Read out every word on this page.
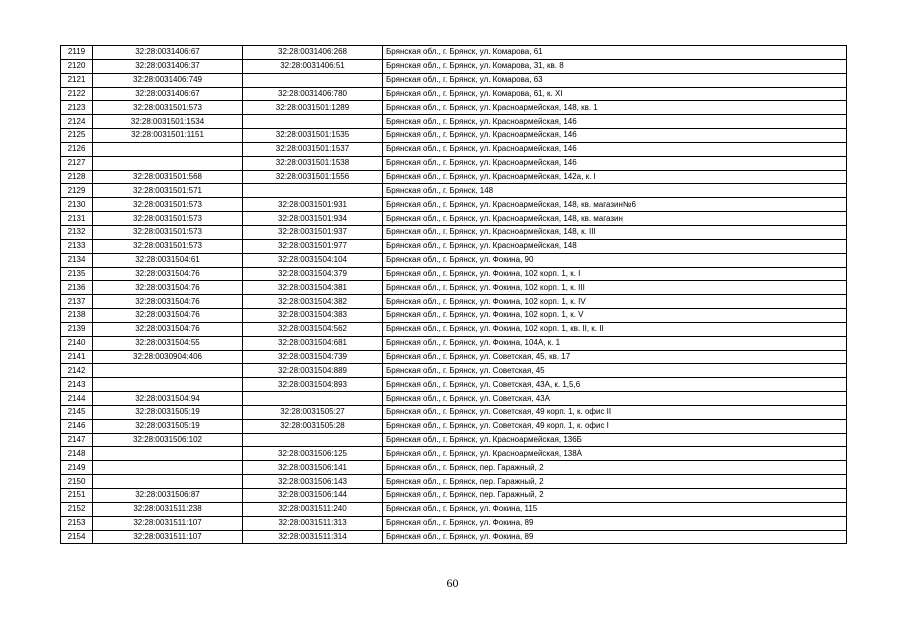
2119	32:28:0031406:67	32:28:0031406:268	Брянская обл., г. Брянск, ул. Комарова, 61
2120	32:28:0031406:37	32:28:0031406:51	Брянская обл., г. Брянск, ул. Комарова, 31, кв. 8
2121	32:28:0031406:749		Брянская обл., г. Брянск, ул. Комарова, 63
2122	32:28:0031406:67	32:28:0031406:780	Брянская обл., г. Брянск, ул. Комарова, 61, к. XI
2123	32:28:0031501:573	32:28:0031501:1289	Брянская обл., г. Брянск, ул. Красноармейская, 148, кв. 1
2124	32:28:0031501:1534		Брянская обл., г. Брянск, ул. Красноармейская, 146
2125	32:28:0031501:1151	32:28:0031501:1535	Брянская обл., г. Брянск, ул. Красноармейская, 146
2126		32:28:0031501:1537	Брянская обл., г. Брянск, ул. Красноармейская, 146
2127		32:28:0031501:1538	Брянская обл., г. Брянск, ул. Красноармейская, 146
2128	32:28:0031501:568	32:28:0031501:1556	Брянская обл., г. Брянск, ул. Красноармейская, 142а, к. I
2129	32:28:0031501:571		Брянская обл., г. Брянск, 148
2130	32:28:0031501:573	32:28:0031501:931	Брянская обл., г. Брянск, ул. Красноармейская, 148, кв. магазин№6
2131	32:28:0031501:573	32:28:0031501:934	Брянская обл., г. Брянск, ул. Красноармейская, 148, кв. магазин
2132	32:28:0031501:573	32:28:0031501:937	Брянская обл., г. Брянск, ул. Красноармейская, 148, к. III
2133	32:28:0031501:573	32:28:0031501:977	Брянская обл., г. Брянск, ул. Красноармейская, 148
2134	32:28:0031504:61	32:28:0031504:104	Брянская обл., г. Брянск, ул. Фокина, 90
2135	32:28:0031504:76	32:28:0031504:379	Брянская обл., г. Брянск, ул. Фокина, 102 корп. 1, к. I
2136	32:28:0031504:76	32:28:0031504:381	Брянская обл., г. Брянск, ул. Фокина, 102 корп. 1, к. III
2137	32:28:0031504:76	32:28:0031504:382	Брянская обл., г. Брянск, ул. Фокина, 102 корп. 1, к. IV
2138	32:28:0031504:76	32:28:0031504:383	Брянская обл., г. Брянск, ул. Фокина, 102 корп. 1, к. V
2139	32:28:0031504:76	32:28:0031504:562	Брянская обл., г. Брянск, ул. Фокина, 102 корп. 1, кв. II, к. II
2140	32:28:0031504:55	32:28:0031504:681	Брянская обл., г. Брянск, ул. Фокина, 104А, к. 1
2141	32:28:0030904:406	32:28:0031504:739	Брянская обл., г. Брянск, ул. Советская, 45, кв. 17
2142		32:28:0031504:889	Брянская обл., г. Брянск, ул. Советская, 45
2143		32:28:0031504:893	Брянская обл., г. Брянск, ул. Советская, 43А, к. 1,5,6
2144	32:28:0031504:94		Брянская обл., г. Брянск, ул. Советская, 43А
2145	32:28:0031505:19	32:28:0031505:27	Брянская обл., г. Брянск, ул. Советская, 49 корп. 1, к. офис II
2146	32:28:0031505:19	32:28:0031505:28	Брянская обл., г. Брянск, ул. Советская, 49 корп. 1, к. офис I
2147	32:28:0031506:102		Брянская обл., г. Брянск, ул. Красноармейская, 136Б
2148		32:28:0031506:125	Брянская обл., г. Брянск, ул. Красноармейская, 138А
2149		32:28:0031506:141	Брянская обл., г. Брянск, пер. Гаражный, 2
2150		32:28:0031506:143	Брянская обл., г. Брянск, пер. Гаражный, 2
2151	32:28:0031506:87	32:28:0031506:144	Брянская обл., г. Брянск, пер. Гаражный, 2
2152	32:28:0031511:238	32:28:0031511:240	Брянская обл., г. Брянск, ул. Фокина, 115
2153	32:28:0031511:107	32:28:0031511:313	Брянская обл., г. Брянск, ул. Фокина, 89
2154	32:28:0031511:107	32:28:0031511:314	Брянская обл., г. Брянск, ул. Фокина, 89
60
